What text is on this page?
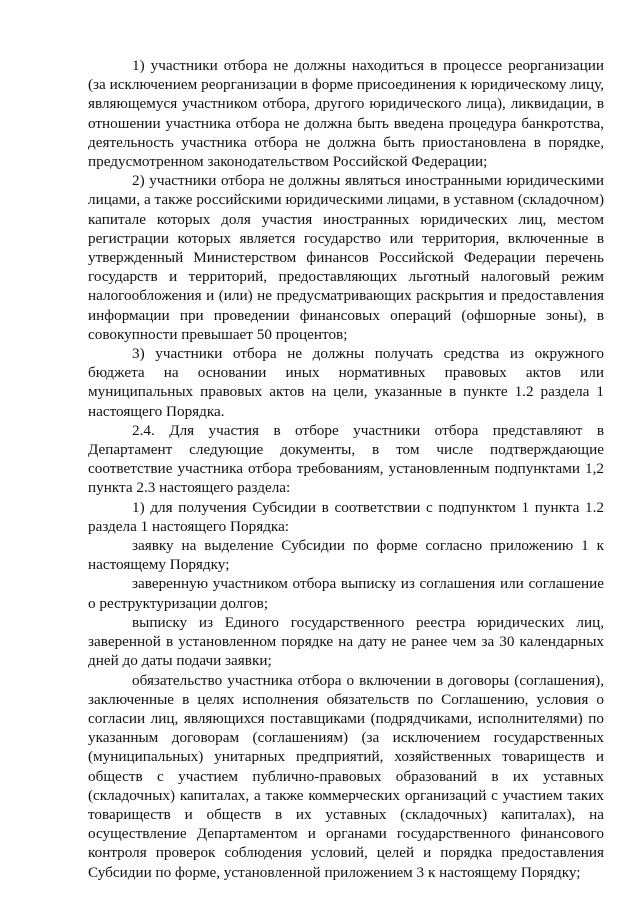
1) участники отбора не должны находиться в процессе реорганизации (за исключением реорганизации в форме присоединения к юридическому лицу, являющемуся участником отбора, другого юридического лица), ликвидации, в отношении участника отбора не должна быть введена процедура банкротства, деятельность участника отбора не должна быть приостановлена в порядке, предусмотренном законодательством Российской Федерации;

2) участники отбора не должны являться иностранными юридическими лицами, а также российскими юридическими лицами, в уставном (складочном) капитале которых доля участия иностранных юридических лиц, местом регистрации которых является государство или территория, включенные в утвержденный Министерством финансов Российской Федерации перечень государств и территорий, предоставляющих льготный налоговый режим налогообложения и (или) не предусматривающих раскрытия и предоставления информации при проведении финансовых операций (офшорные зоны), в совокупности превышает 50 процентов;

3) участники отбора не должны получать средства из окружного бюджета на основании иных нормативных правовых актов или муниципальных правовых актов на цели, указанные в пункте 1.2 раздела 1 настоящего Порядка.

2.4. Для участия в отборе участники отбора представляют в Департамент следующие документы, в том числе подтверждающие соответствие участника отбора требованиям, установленным подпунктами 1,2 пункта 2.3 настоящего раздела:

1) для получения Субсидии в соответствии с подпунктом 1 пункта 1.2 раздела 1 настоящего Порядка:

заявку на выделение Субсидии по форме согласно приложению 1 к настоящему Порядку;

заверенную участником отбора выписку из соглашения или соглашение о реструктуризации долгов;

выписку из Единого государственного реестра юридических лиц, заверенной в установленном порядке на дату не ранее чем за 30 календарных дней до даты подачи заявки;

обязательство участника отбора о включении в договоры (соглашения), заключенные в целях исполнения обязательств по Соглашению, условия о согласии лиц, являющихся поставщиками (подрядчиками, исполнителями) по указанным договорам (соглашениям) (за исключением государственных (муниципальных) унитарных предприятий, хозяйственных товариществ и обществ с участием публично-правовых образований в их уставных (складочных) капиталах, а также коммерческих организаций с участием таких товариществ и обществ в их уставных (складочных) капиталах), на осуществление Департаментом и органами государственного финансового контроля проверок соблюдения условий, целей и порядка предоставления Субсидии по форме, установленной приложением 3 к настоящему Порядку;
